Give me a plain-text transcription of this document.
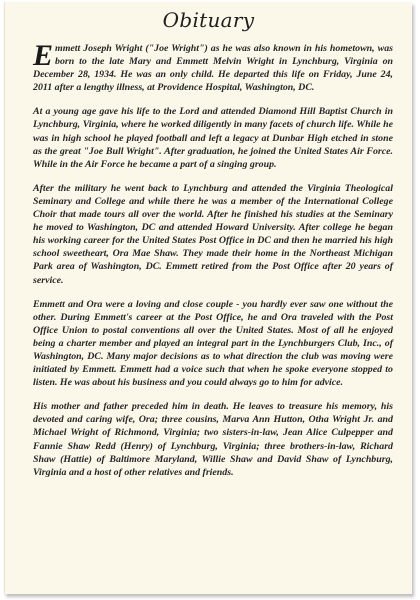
Obituary

Emmett Joseph Wright ("Joe Wright") as he was also known in his hometown, was born to the late Mary and Emmett Melvin Wright in Lynchburg, Virginia on December 28, 1934. He was an only child. He departed this life on Friday, June 24, 2011 after a lengthy illness, at Providence Hospital, Washington, DC.

At a young age gave his life to the Lord and attended Diamond Hill Baptist Church in Lynchburg, Virginia, where he worked diligently in many facets of church life. While he was in high school he played football and left a legacy at Dunbar High etched in stone as the great "Joe Bull Wright". After graduation, he joined the United States Air Force. While in the Air Force he became a part of a singing group.

After the military he went back to Lynchburg and attended the Virginia Theological Seminary and College and while there he was a member of the International College Choir that made tours all over the world. After he finished his studies at the Seminary he moved to Washington, DC and attended Howard University. After college he began his working career for the United States Post Office in DC and then he married his high school sweetheart, Ora Mae Shaw. They made their home in the Northeast Michigan Park area of Washington, DC. Emmett retired from the Post Office after 20 years of service.

Emmett and Ora were a loving and close couple - you hardly ever saw one without the other. During Emmett's career at the Post Office, he and Ora traveled with the Post Office Union to postal conventions all over the United States. Most of all he enjoyed being a charter member and played an integral part in the Lynchburgers Club, Inc., of Washington, DC. Many major decisions as to what direction the club was moving were initiated by Emmett. Emmett had a voice such that when he spoke everyone stopped to listen. He was about his business and you could always go to him for advice.

His mother and father preceded him in death. He leaves to treasure his memory, his devoted and caring wife, Ora; three cousins, Marva Ann Hutton, Otha Wright Jr. and Michael Wright of Richmond, Virginia; two sisters-in-law, Jean Alice Culpepper and Fannie Shaw Redd (Henry) of Lynchburg, Virginia; three brothers-in-law, Richard Shaw (Hattie) of Baltimore Maryland, Willie Shaw and David Shaw of Lynchburg, Virginia and a host of other relatives and friends.
